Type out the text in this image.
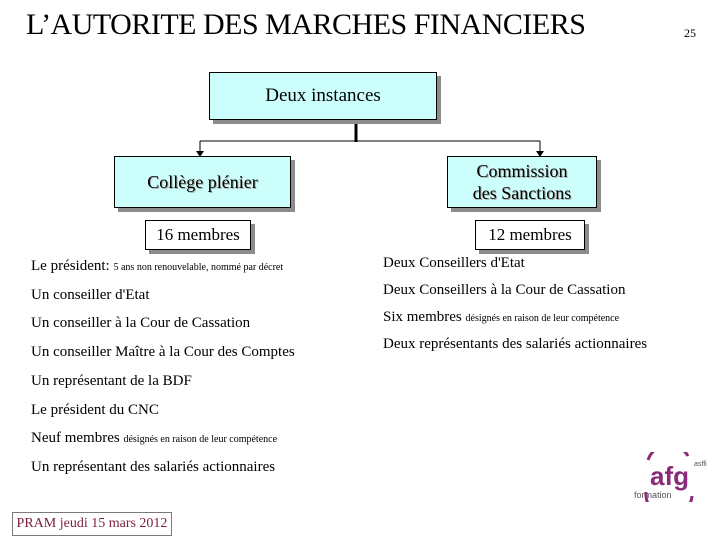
L’AUTORITE DES MARCHES FINANCIERS	25
Deux instances
Collège plénier
Commission
des Sanctions
16 membres	12 membres
Le président: 5 ans non renouvelable, nommé par décret
Un conseiller d'Etat
Un conseiller à la Cour de Cassation
Un conseiller Maître à la Cour des Comptes
Un représentant de la BDF
Le président du CNC
Neuf membres désignés en raison de leur compétence
Un représentant des salariés actionnaires
Deux Conseillers d'Etat
Deux Conseillers à la Cour de Cassation
Six membres désignés en raison de leur compétence
Deux représentants des salariés actionnaires
afg asffi
formation
PRAM jeudi 15 mars 2012
